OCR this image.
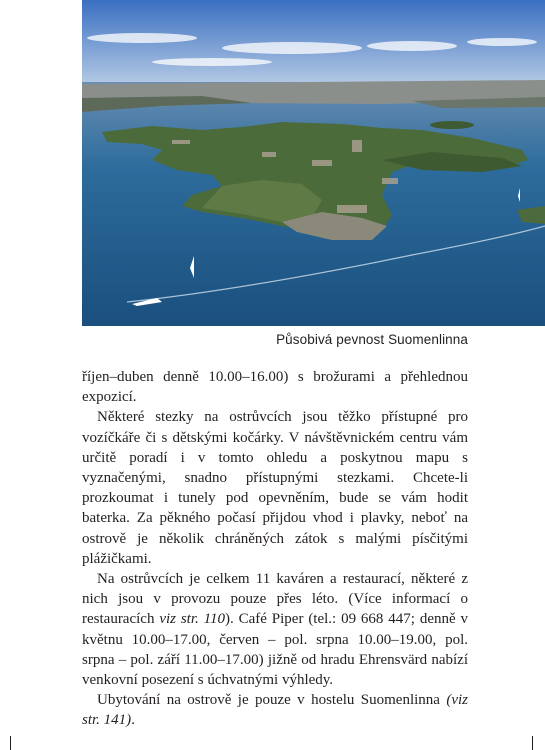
Působivá pevnost Suomenlinna

říjen–duben denně 10.00–16.00) s brožurami a přehlednou expozicí.

Některé stezky na ostrůvcích jsou těžko přístupné pro vozíčkáře či s dětskými kočárky. V návštěvnickém centru vám určitě poradí i v tomto ohledu a poskytnou mapu s vyznačenými, snadno přístupnými stezkami. Chcete-li prozkoumat i tunely pod opevněním, bude se vám hodit baterka. Za pěkného počasí přijdou vhod i plavky, neboť na ostrově je několik chráněných zátok s malými písčitými plážičkami.

Na ostrůvcích je celkem 11 kaváren a restaurací, některé z nich jsou v provozu pouze přes léto. (Více informací o restauracích viz str. 110). Café Piper (tel.: 09 668 447; denně v květnu 10.00–17.00, červen – pol. srpna 10.00–19.00, pol. srpna – pol. září 11.00–17.00) jižně od hradu Ehrensvärd nabízí venkovní posezení s úchvatnými výhledy.

Ubytování na ostrově je pouze v hostelu Suomenlinna (viz str. 141).
